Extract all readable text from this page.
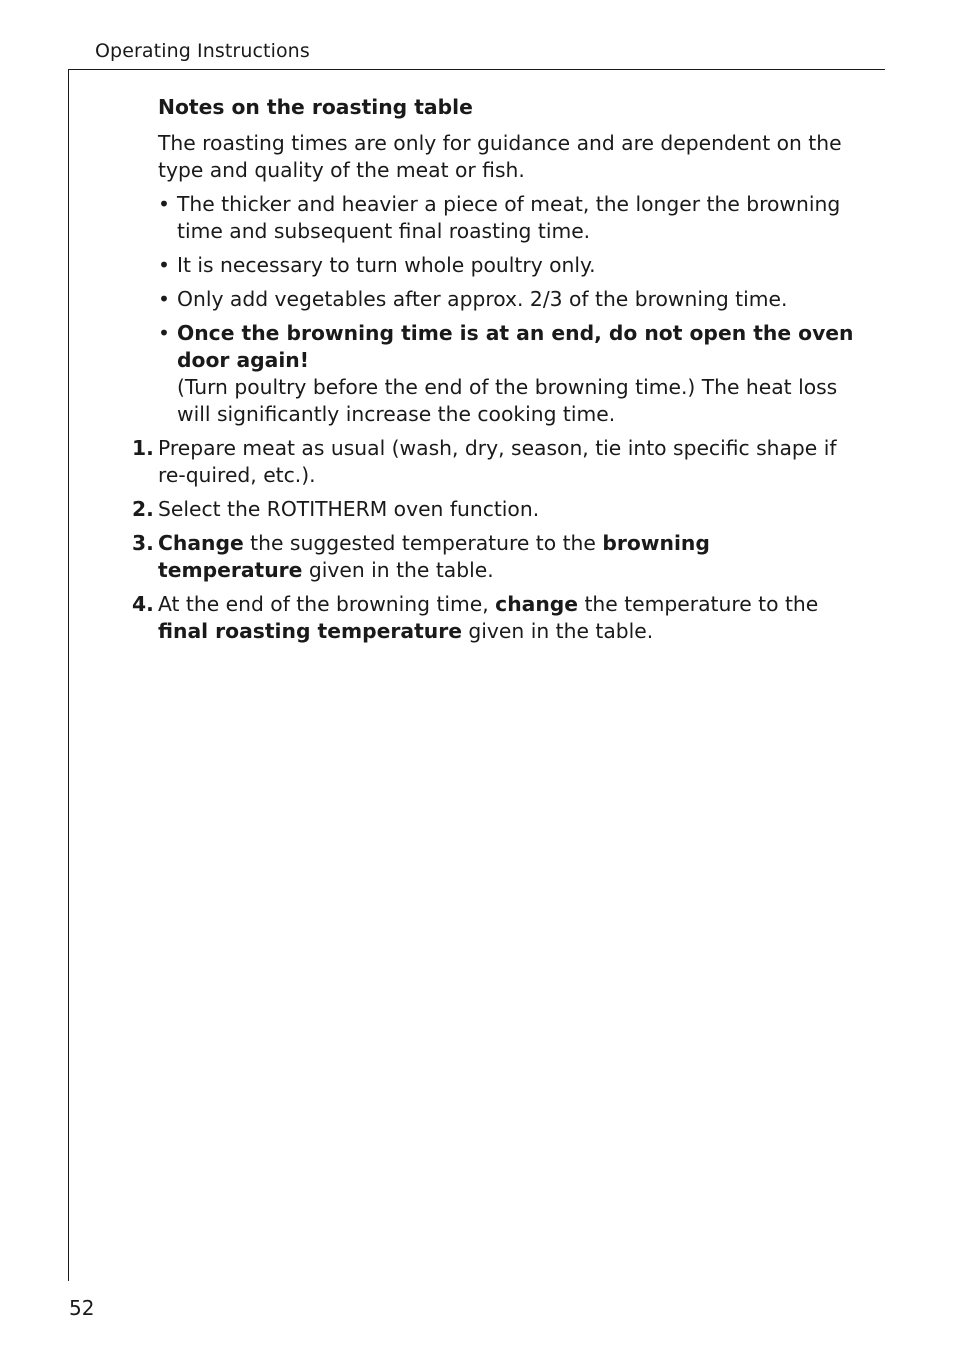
Operating Instructions
Notes on the roasting table
The roasting times are only for guidance and are dependent on the type and quality of the meat or fish.
• The thicker and heavier a piece of meat, the longer the browning time and subsequent final roasting time.
• It is necessary to turn whole poultry only.
• Only add vegetables after approx. 2/3 of the browning time.
• Once the browning time is at an end, do not open the oven door again!
(Turn poultry before the end of the browning time.) The heat loss will significantly increase the cooking time.
1. Prepare meat as usual (wash, dry, season, tie into specific shape if re-quired, etc.).
2. Select the ROTITHERM oven function.
3. Change the suggested temperature to the browning temperature given in the table.
4. At the end of the browning time, change the temperature to the final roasting temperature given in the table.
52
